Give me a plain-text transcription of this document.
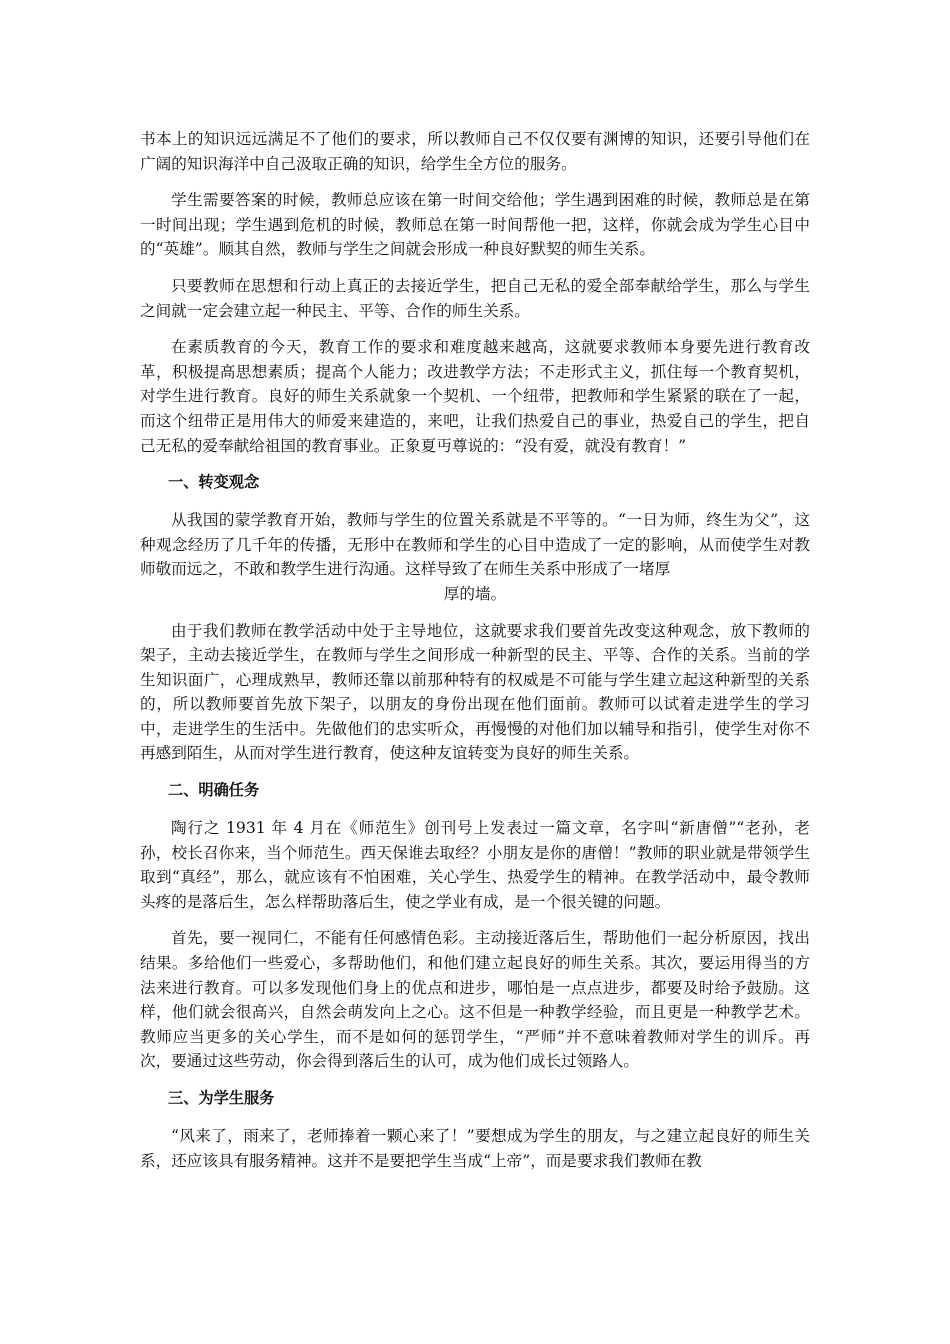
书本上的知识远远满足不了他们的要求，所以教师自己不仅仅要有渊博的知识，还要引导他们在广阔的知识海洋中自己汲取正确的知识，给学生全方位的服务。

学生需要答案的时候，教师总应该在第一时间交给他；学生遇到困难的时候，教师总是在第一时间出现；学生遇到危机的时候，教师总在第一时间帮他一把，这样，你就会成为学生心目中的“英雄”。顺其自然，教师与学生之间就会形成一种良好默契的师生关系。

只要教师在思想和行动上真正的去接近学生，把自己无私的爱全部奉献给学生，那么与学生之间就一定会建立起一种民主、平等、合作的师生关系。

在素质教育的今天，教育工作的要求和难度越来越高，这就要求教师本身要先进行教育改革，积极提高思想素质；提高个人能力；改进教学方法；不走形式主义，抓住每一个教育契机，对学生进行教育。良好的师生关系就象一个契机、一个纽带，把教师和学生紧紧的联在了一起，而这个纽带正是用伟大的师爱来建造的，来吧，让我们热爱自己的事业，热爱自己的学生，把自己无私的爱奉献给祖国的教育事业。正象夏丏尊说的：“没有爱，就没有教育！”

一、转变观念

从我国的蒙学教育开始，教师与学生的位置关系就是不平等的。“一日为师，终生为父”，这种观念经历了几千年的传播，无形中在教师和学生的心目中造成了一定的影响，从而使学生对教师敬而远之，不敢和教学生进行沟通。这样导致了在师生关系中形成了一堵厚
厚的墙。

由于我们教师在教学活动中处于主导地位，这就要求我们要首先改变这种观念，放下教师的架子，主动去接近学生，在教师与学生之间形成一种新型的民主、平等、合作的关系。当前的学生知识面广，心理成熟早，教师还靠以前那种特有的权威是不可能与学生建立起这种新型的关系的，所以教师要首先放下架子，以朋友的身份出现在他们面前。教师可以试着走进学生的学习中，走进学生的生活中。先做他们的忠实听众，再慢慢的对他们加以辅导和指引，使学生对你不再感到陌生，从而对学生进行教育，使这种友谊转变为良好的师生关系。

二、明确任务

陶行之 1931 年 4 月在《师范生》创刊号上发表过一篇文章，名字叫“新唐僧”“老孙，老孙，校长召你来，当个师范生。西天保谁去取经？小朋友是你的唐僧！”教师的职业就是带领学生取到“真经”，那么，就应该有不怕困难，关心学生、热爱学生的精神。在教学活动中，最令教师头疼的是落后生，怎么样帮助落后生，使之学业有成，是一个很关键的问题。

首先，要一视同仁，不能有任何感情色彩。主动接近落后生，帮助他们一起分析原因，找出结果。多给他们一些爱心，多帮助他们，和他们建立起良好的师生关系。其次，要运用得当的方法来进行教育。可以多发现他们身上的优点和进步，哪怕是一点点进步，都要及时给予鼓励。这样，他们就会很高兴，自然会萌发向上之心。这不但是一种教学经验，而且更是一种教学艺术。教师应当更多的关心学生，而不是如何的惩罚学生，“严师”并不意味着教师对学生的训斥。再次，要通过这些劳动，你会得到落后生的认可，成为他们成长过领路人。

三、为学生服务

“风来了，雨来了，老师捧着一颗心来了！”要想成为学生的朋友，与之建立起良好的师生关系，还应该具有服务精神。这并不是要把学生当成“上帝”，而是要求我们教师在教
